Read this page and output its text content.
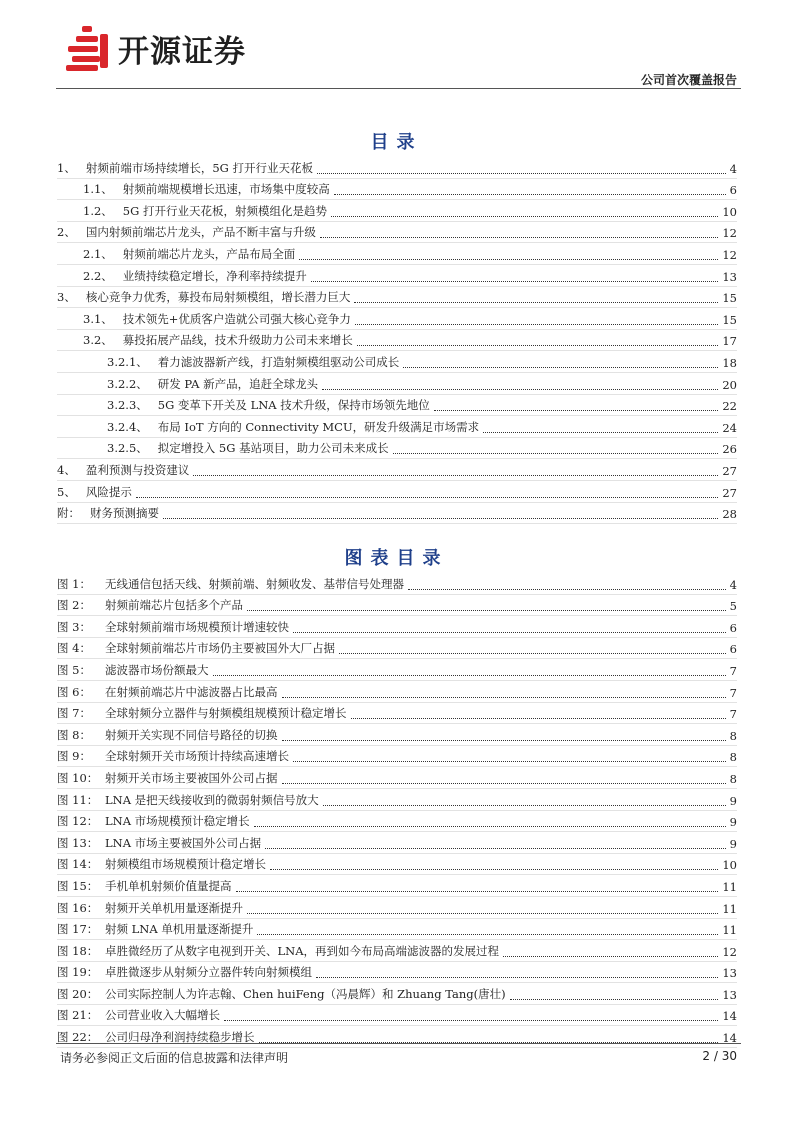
开源证券
公司首次覆盖报告
目录
1、 射频前端市场持续增长，5G 打开行业天花板	4
1.1、 射频前端规模增长迅速，市场集中度较高	6
1.2、 5G 打开行业天花板，射频模组化是趋势	10
2、 国内射频前端芯片龙头，产品不断丰富与升级	12
2.1、 射频前端芯片龙头，产品布局全面	12
2.2、 业绩持续稳定增长，净利率持续提升	13
3、 核心竞争力优秀，募投布局射频模组，增长潜力巨大	15
3.1、 技术领先+优质客户造就公司强大核心竞争力	15
3.2、 募投拓展产品线，技术升级助力公司未来增长	17
3.2.1、 着力滤波器新产线，打造射频模组驱动公司成长	18
3.2.2、 研发 PA 新产品，追赶全球龙头	20
3.2.3、 5G 变革下开关及 LNA 技术升级，保持市场领先地位	22
3.2.4、 布局 IoT 方向的 Connectivity MCU，研发升级满足市场需求	24
3.2.5、 拟定增投入 5G 基站项目，助力公司未来成长	26
4、 盈利预测与投资建议	27
5、 风险提示	27
附： 财务预测摘要	28
图表目录
图 1：	无线通信包括天线、射频前端、射频收发、基带信号处理器	4
图 2：	射频前端芯片包括多个产品	5
图 3：	全球射频前端市场规模预计增速较快	6
图 4：	全球射频前端芯片市场仍主要被国外大厂占据	6
图 5：	滤波器市场份额最大	7
图 6：	在射频前端芯片中滤波器占比最高	7
图 7：	全球射频分立器件与射频模组规模预计稳定增长	7
图 8：	射频开关实现不同信号路径的切换	8
图 9：	全球射频开关市场预计持续高速增长	8
图 10： 射频开关市场主要被国外公司占据	8
图 11： LNA 是把天线接收到的微弱射频信号放大	9
图 12： LNA 市场规模预计稳定增长	9
图 13： LNA 市场主要被国外公司占据	9
图 14： 射频模组市场规模预计稳定增长	10
图 15： 手机单机射频价值量提高	11
图 16： 射频开关单机用量逐渐提升	11
图 17： 射频 LNA 单机用量逐渐提升	11
图 18： 卓胜微经历了从数字电视到开关、LNA，再到如今布局高端滤波器的发展过程	12
图 19： 卓胜微逐步从射频分立器件转向射频模组	13
图 20： 公司实际控制人为许志翰、Chen huiFeng（冯晨辉）和 Zhuang Tang(唐壮)	13
图 21： 公司营业收入大幅增长	14
图 22： 公司归母净利润持续稳步增长	14
请务必参阅正文后面的信息披露和法律声明	2 / 30
